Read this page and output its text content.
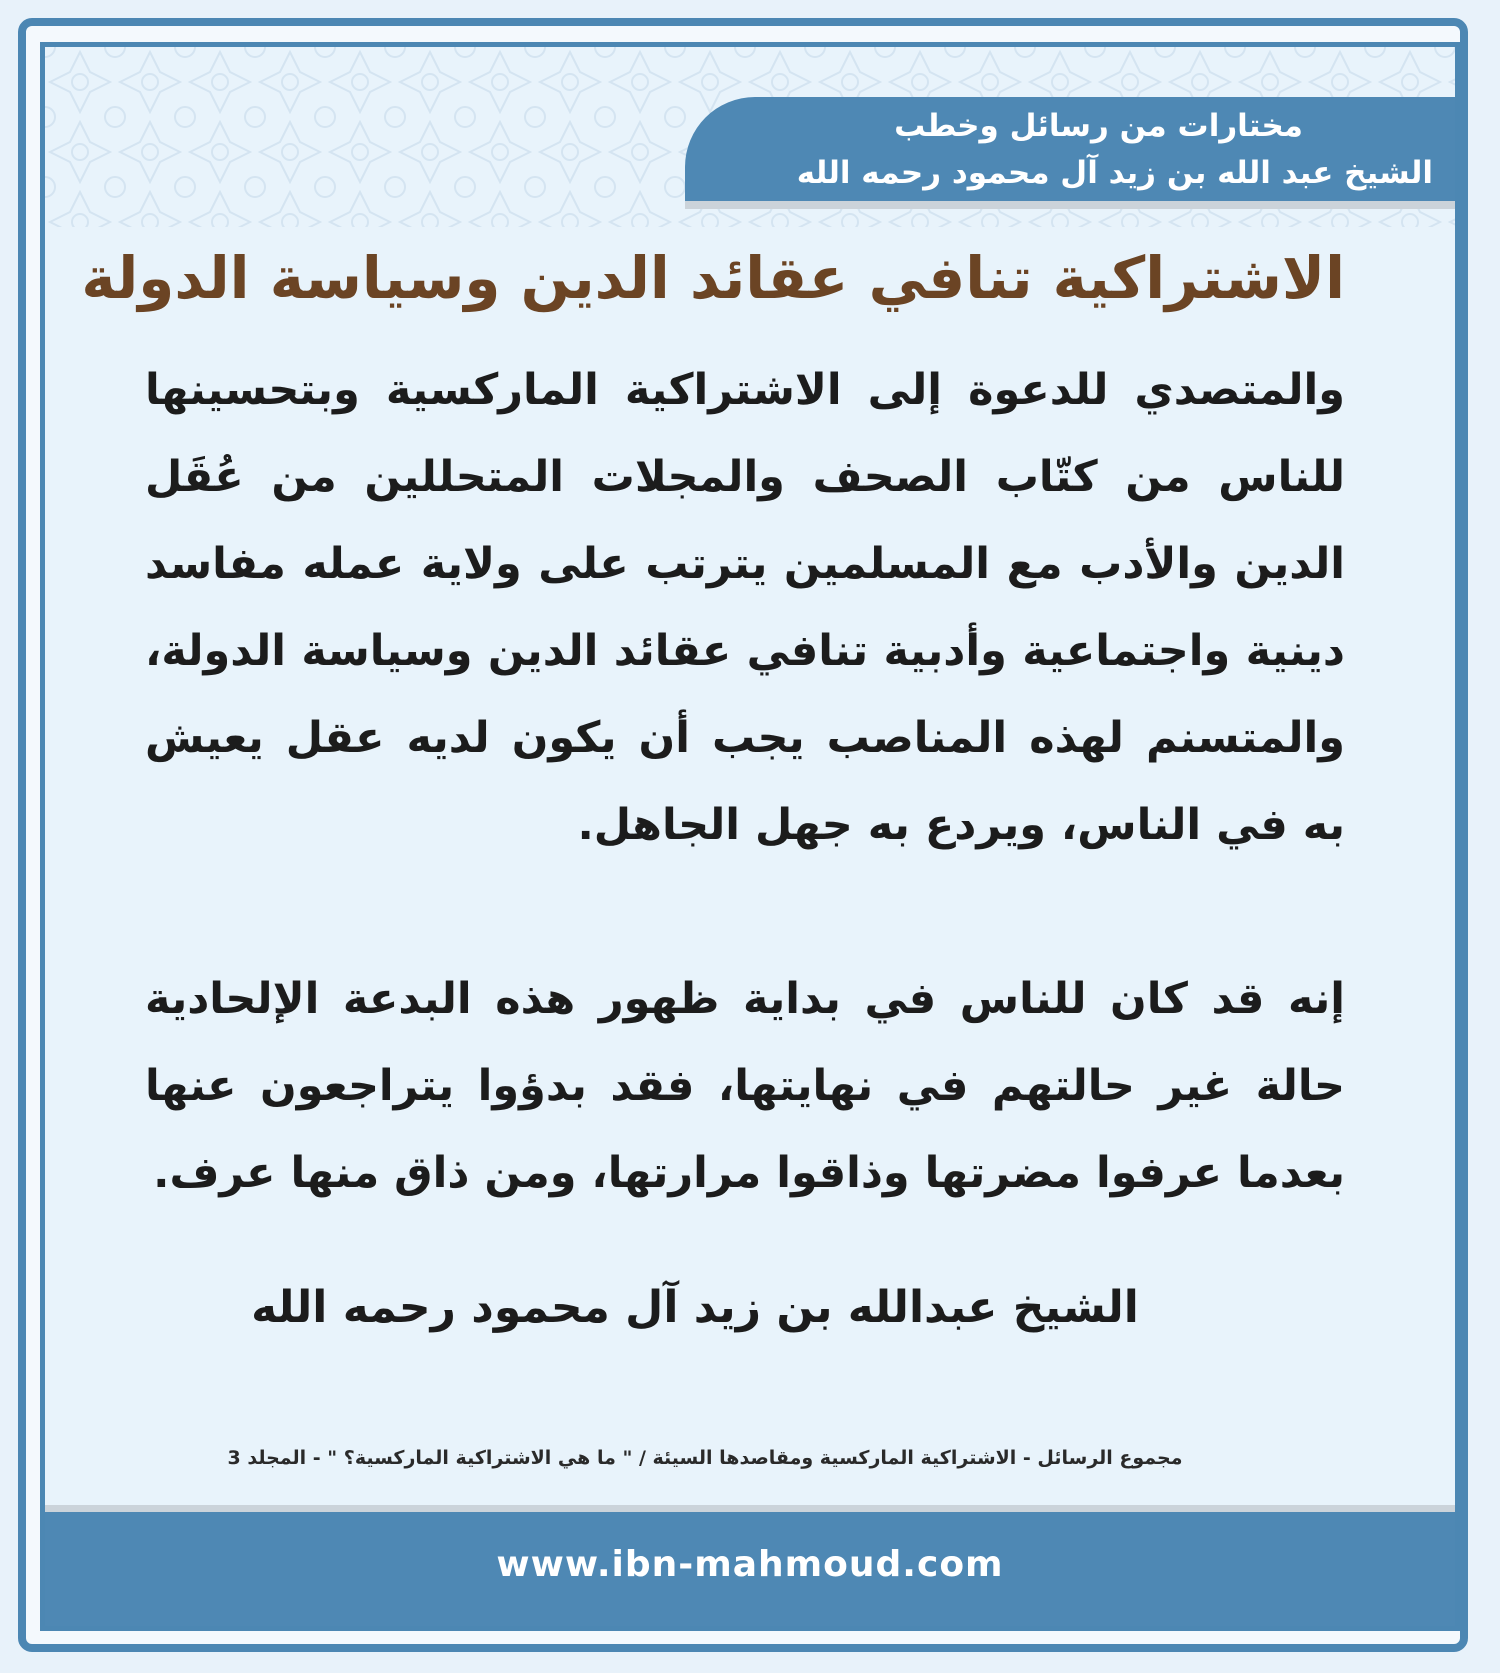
مختارات من رسائل وخطب
الشيخ عبد الله بن زيد آل محمود رحمه الله
الاشتراكية تنافي عقائد الدين وسياسة الدولة

والمتصدي للدعوة إلى الاشتراكية الماركسية وبتحسينها للناس من كتّاب الصحف والمجلات المتحللين من عُقَل الدين والأدب مع المسلمين يترتب على ولاية عمله مفاسد دينية واجتماعية وأدبية تنافي عقائد الدين وسياسة الدولة، والمتسنم لهذه المناصب يجب أن يكون لديه عقل يعيش به في الناس، ويردع به جهل الجاهل.

إنه قد كان للناس في بداية ظهور هذه البدعة الإلحادية حالة غير حالتهم في نهايتها، فقد بدؤوا يتراجعون عنها بعدما عرفوا مضرتها وذاقوا مرارتها، ومن ذاق منها عرف.

الشيخ عبدالله بن زيد آل محمود رحمه الله
مجموع الرسائل - الاشتراكية الماركسية ومقاصدها السيئة / " ما هي الاشتراكية الماركسية؟ " - المجلد 3
www.ibn-mahmoud.com
